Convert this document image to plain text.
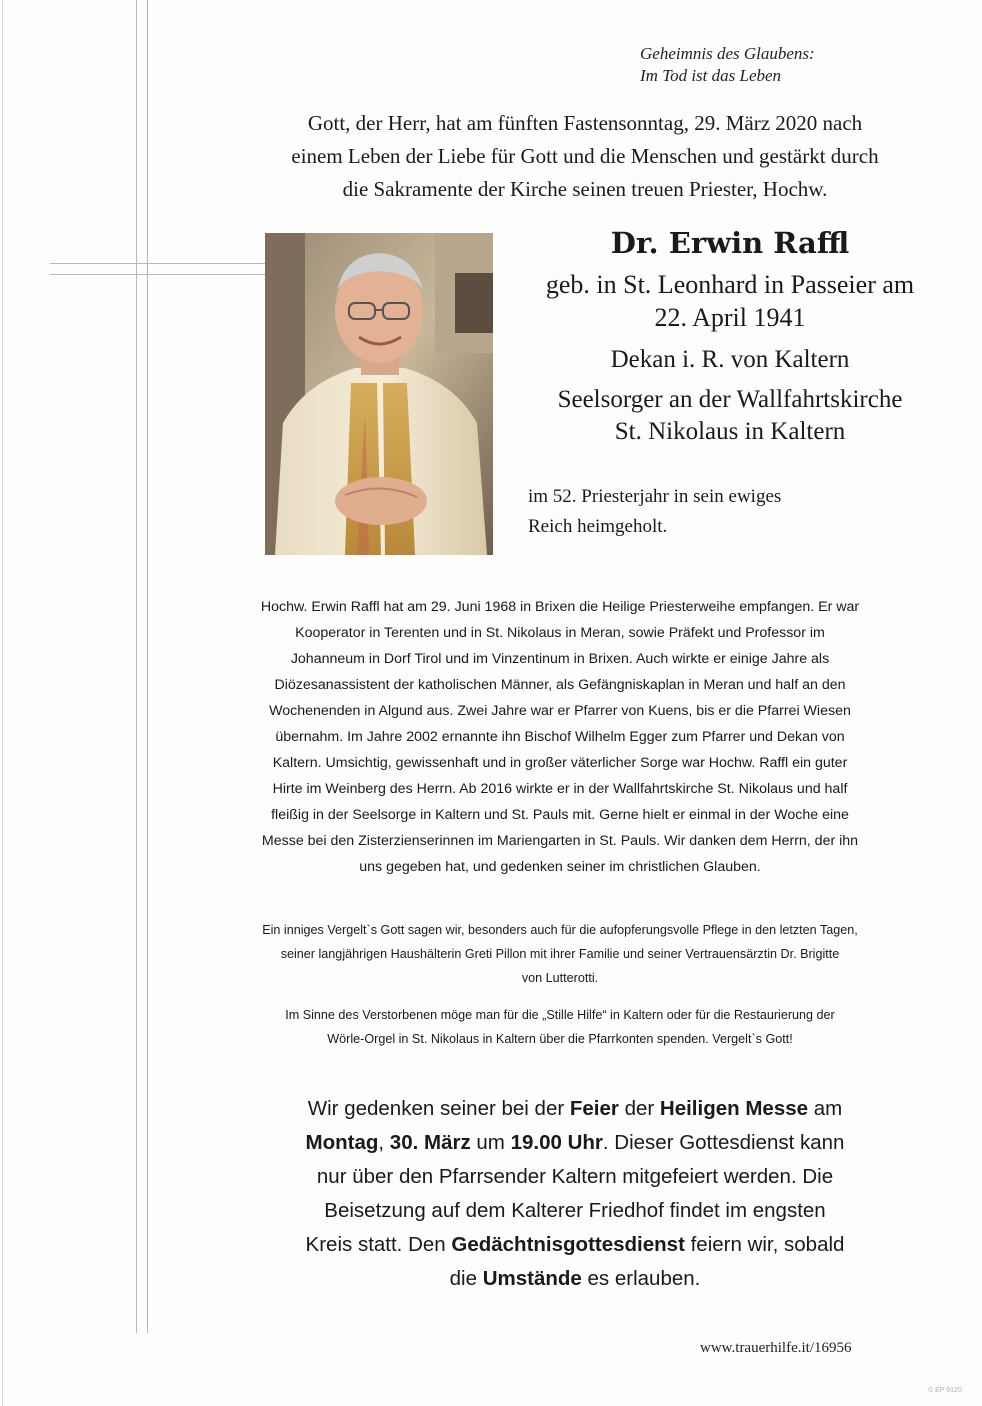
Geheimnis des Glaubens:
Im Tod ist das Leben
Gott, der Herr, hat am fünften Fastensonntag, 29. März 2020 nach
einem Leben der Liebe für Gott und die Menschen und gestärkt durch
die Sakramente der Kirche seinen treuen Priester, Hochw.
Dr. Erwin Raffl
geb. in St. Leonhard in Passeier am
22. April 1941
Dekan i. R. von Kaltern
Seelsorger an der Wallfahrtskirche
St. Nikolaus in Kaltern
im 52. Priesterjahr in sein ewiges
Reich heimgeholt.
Hochw. Erwin Raffl hat am 29. Juni 1968 in Brixen die Heilige Priesterweihe empfangen. Er war
Kooperator in Terenten und in St. Nikolaus in Meran, sowie Präfekt und Professor im
Johanneum in Dorf Tirol und im Vinzentinum in Brixen. Auch wirkte er einige Jahre als
Diözesanassistent der katholischen Männer, als Gefängniskaplan in Meran und half an den
Wochenenden in Algund aus. Zwei Jahre war er Pfarrer von Kuens, bis er die Pfarrei Wiesen
übernahm. Im Jahre 2002 ernannte ihn Bischof Wilhelm Egger zum Pfarrer und Dekan von
Kaltern. Umsichtig, gewissenhaft und in großer väterlicher Sorge war Hochw. Raffl ein guter
Hirte im Weinberg des Herrn. Ab 2016 wirkte er in der Wallfahrtskirche St. Nikolaus und half
fleißig in der Seelsorge in Kaltern und St. Pauls mit. Gerne hielt er einmal in der Woche eine
Messe bei den Zisterzienserinnen im Mariengarten in St. Pauls. Wir danken dem Herrn, der ihn
uns gegeben hat, und gedenken seiner im christlichen Glauben.
Ein inniges Vergelt`s Gott sagen wir, besonders auch für die aufopferungsvolle Pflege in den letzten Tagen,
seiner langjährigen Haushälterin Greti Pillon mit ihrer Familie und seiner Vertrauensärztin Dr. Brigitte
von Lutterotti.
Im Sinne des Verstorbenen möge man für die „Stille Hilfe“ in Kaltern oder für die Restaurierung der
Wörle-Orgel in St. Nikolaus in Kaltern über die Pfarrkonten spenden. Vergelt`s Gott!
Wir gedenken seiner bei der Feier der Heiligen Messe am
Montag, 30. März um 19.00 Uhr. Dieser Gottesdienst kann
nur über den Pfarrsender Kaltern mitgefeiert werden. Die
Beisetzung auf dem Kalterer Friedhof findet im engsten
Kreis statt. Den Gedächtnisgottesdienst feiern wir, sobald
die Umstände es erlauben.
www.trauerhilfe.it/16956
© EP 9120
